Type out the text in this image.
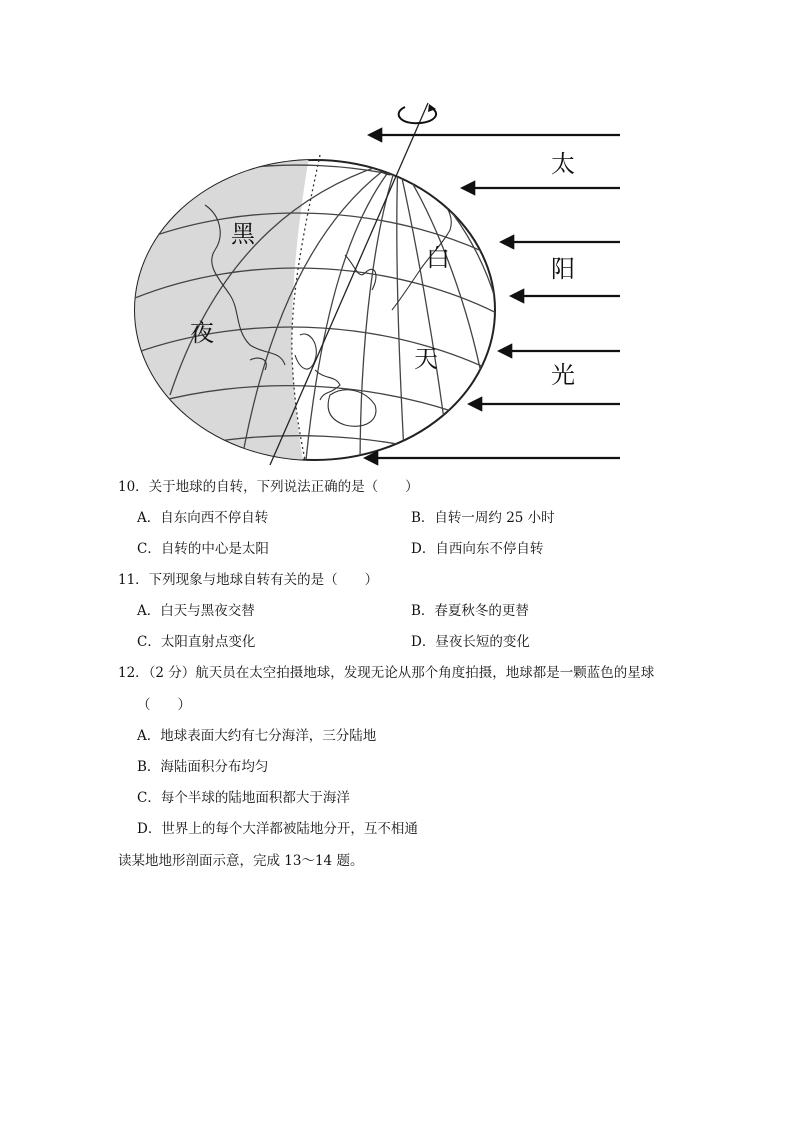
黑
夜
白
天
太
阳
光
10．关于地球的自转，下列说法正确的是（　　）
A．自东向西不停自转	B．自转一周约 25 小时
C．自转的中心是太阳	D．自西向东不停自转
11．下列现象与地球自转有关的是（　　）
A．白天与黑夜交替	B．春夏秋冬的更替
C．太阳直射点变化	D．昼夜长短的变化
12．（2 分）航天员在太空拍摄地球，发现无论从那个角度拍摄，地球都是一颗蓝色的星球
（　　）
A．地球表面大约有七分海洋，三分陆地
B．海陆面积分布均匀
C．每个半球的陆地面积都大于海洋
D．世界上的每个大洋都被陆地分开，互不相通
读某地地形剖面示意，完成 13～14 题。
